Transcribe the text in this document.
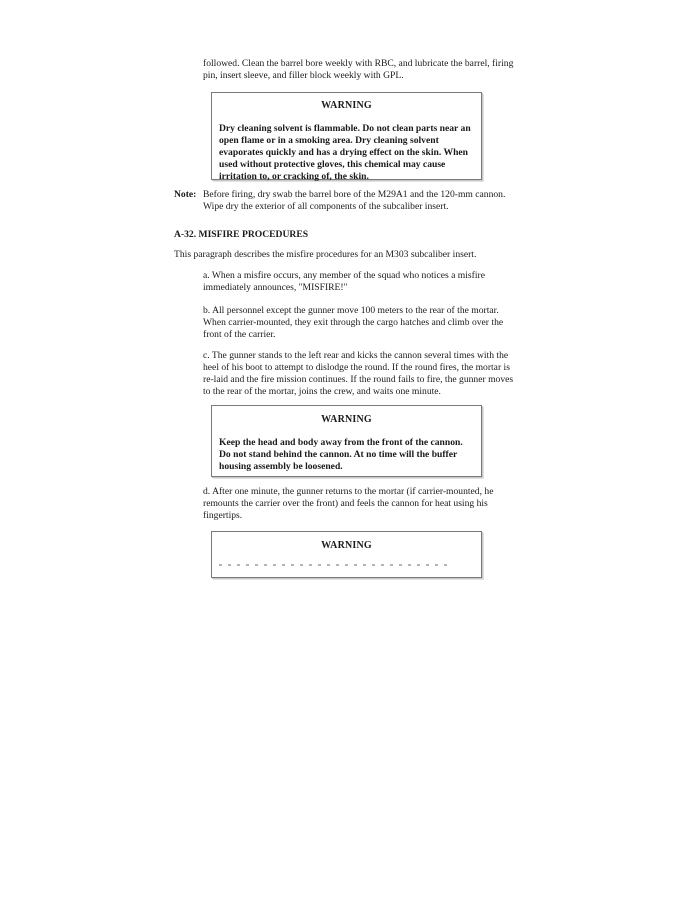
followed. Clean the barrel bore weekly with RBC, and lubricate the barrel, firing pin, insert sleeve, and filler block weekly with GPL.

WARNING

Dry cleaning solvent is flammable. Do not clean parts near an open flame or in a smoking area. Dry cleaning solvent evaporates quickly and has a drying effect on the skin. When used without protective gloves, this chemical may cause irritation to, or cracking of, the skin.

Note: Before firing, dry swab the barrel bore of the M29A1 and the 120-mm cannon. Wipe dry the exterior of all components of the subcaliber insert.

A-32. MISFIRE PROCEDURES

This paragraph describes the misfire procedures for an M303 subcaliber insert.

a. When a misfire occurs, any member of the squad who notices a misfire immediately announces, "MISFIRE!"

b. All personnel except the gunner move 100 meters to the rear of the mortar. When carrier-mounted, they exit through the cargo hatches and climb over the front of the carrier.

c. The gunner stands to the left rear and kicks the cannon several times with the heel of his boot to attempt to dislodge the round. If the round fires, the mortar is re-laid and the fire mission continues. If the round fails to fire, the gunner moves to the rear of the mortar, joins the crew, and waits one minute.

WARNING

Keep the head and body away from the front of the cannon. Do not stand behind the cannon. At no time will the buffer housing assembly be loosened.

d. After one minute, the gunner returns to the mortar (if carrier-mounted, he remounts the carrier over the front) and feels the cannon for heat using his fingertips.

WARNING
